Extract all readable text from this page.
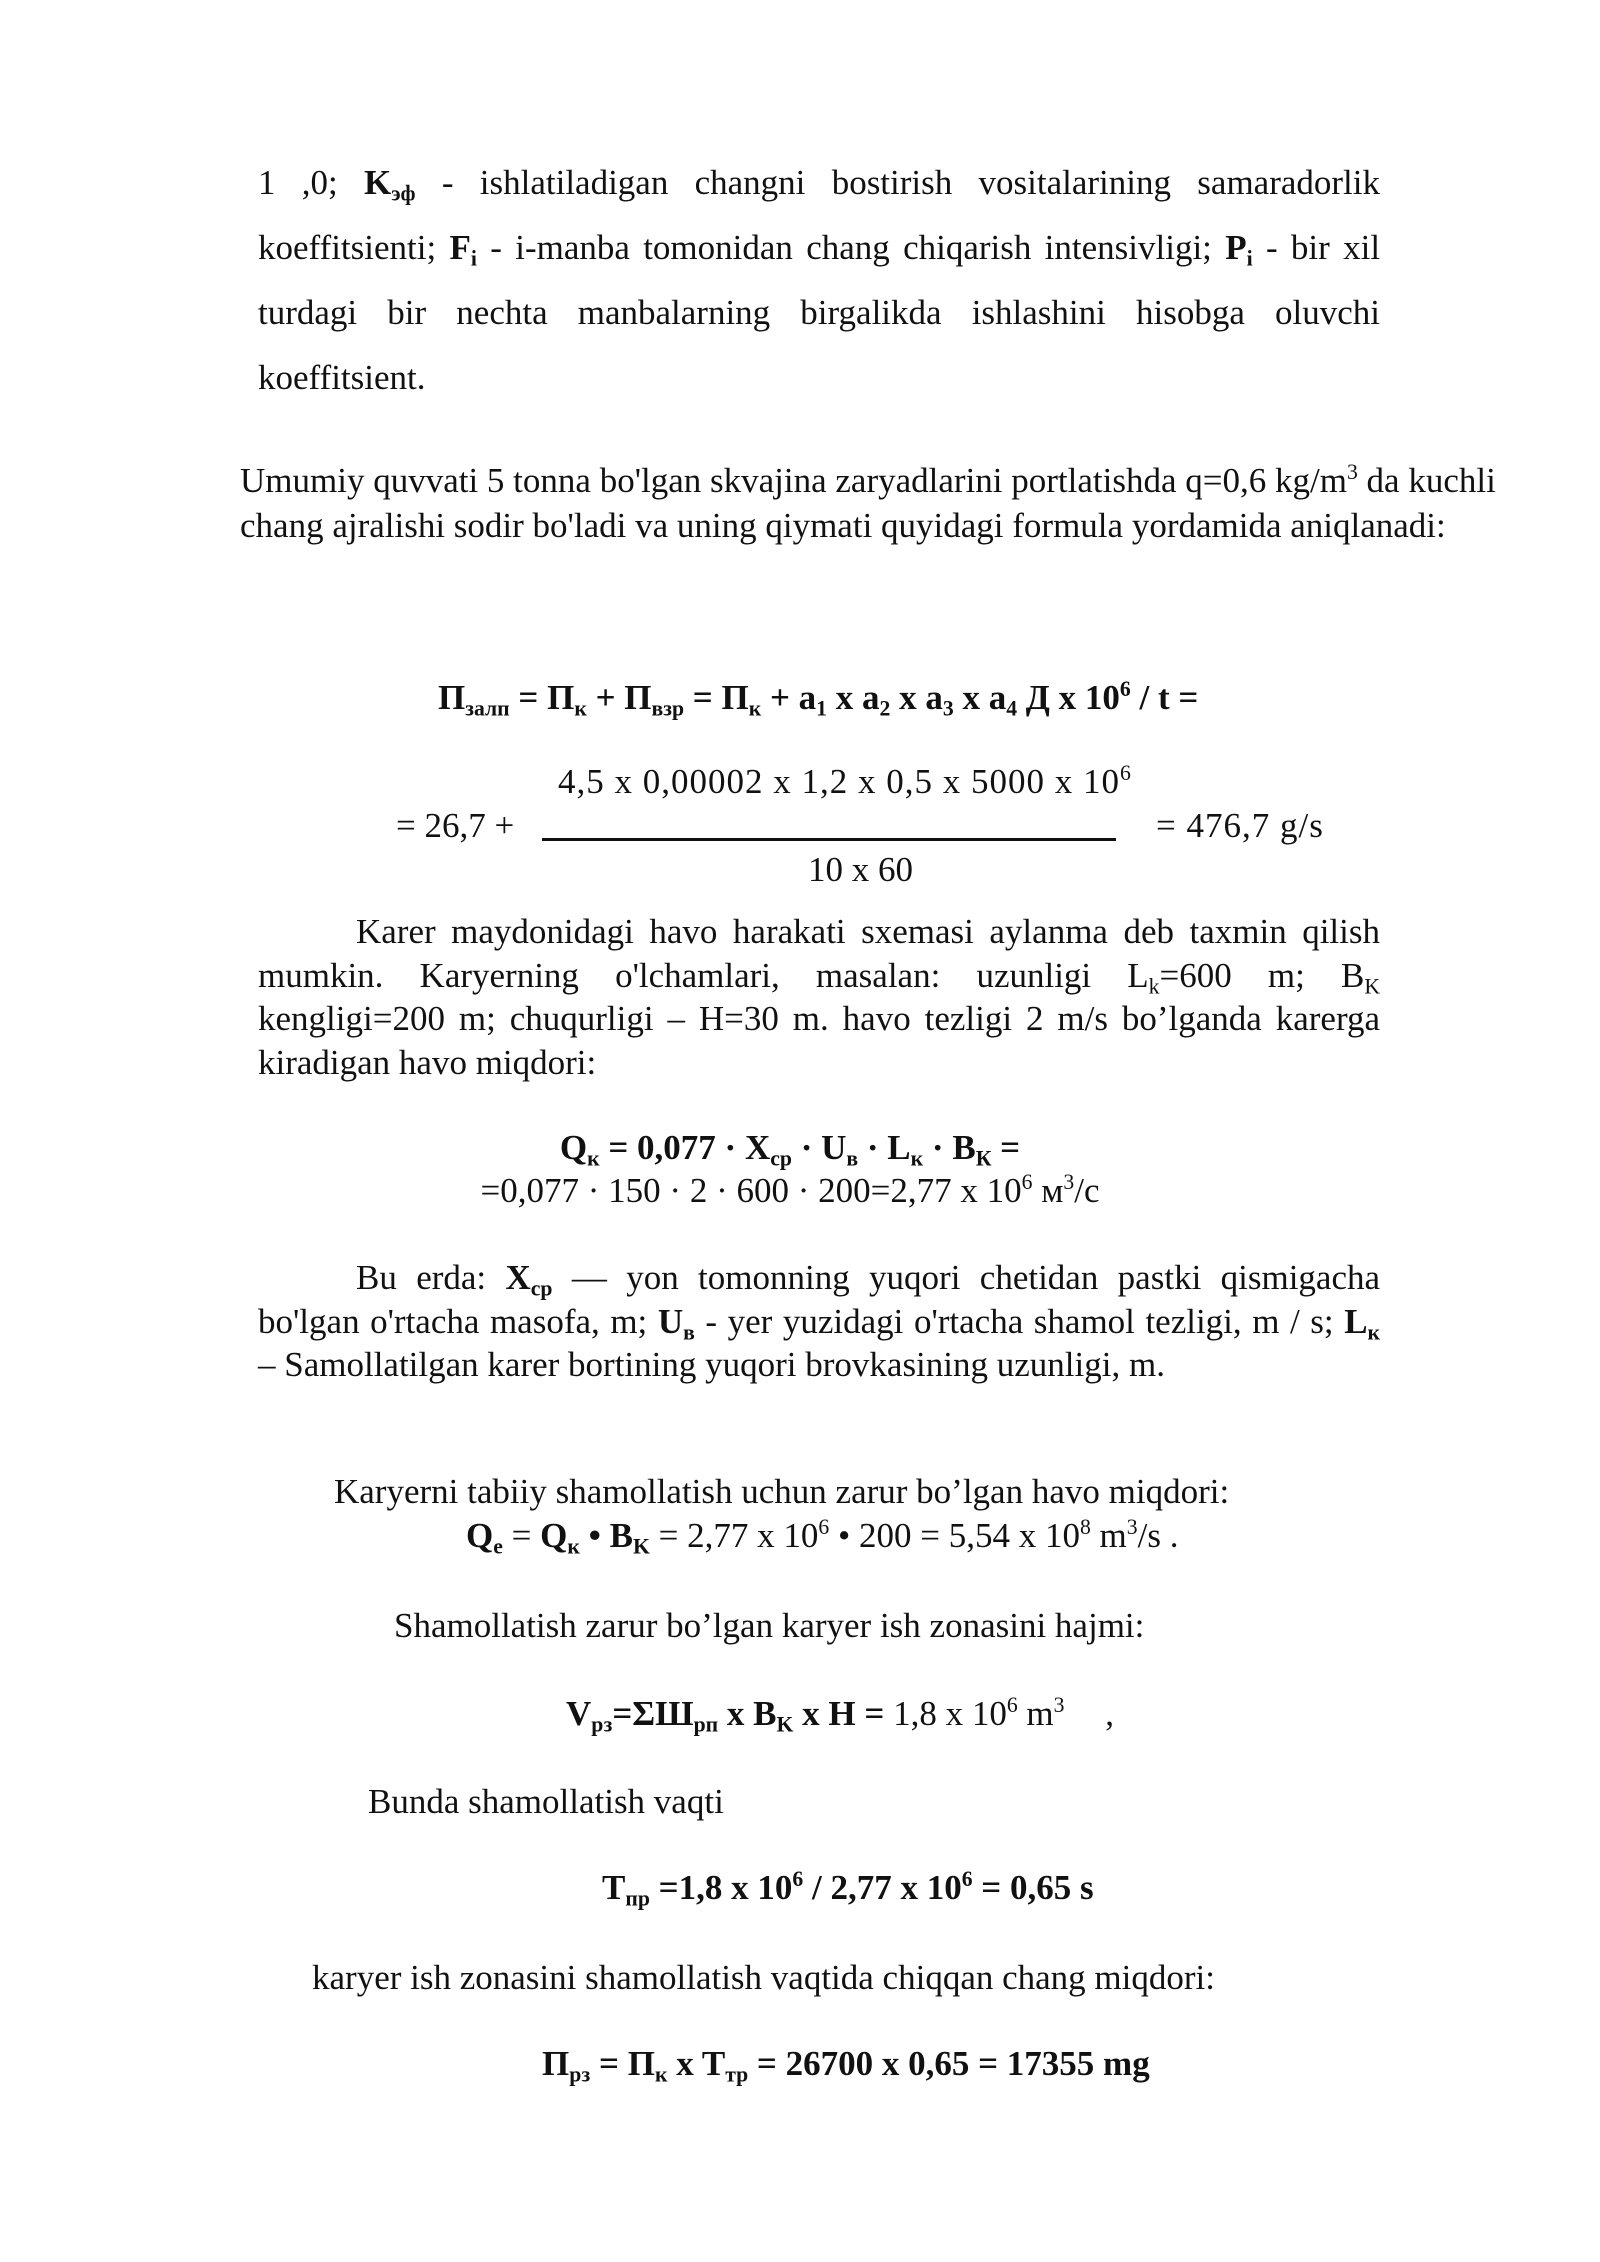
1 ,0; $K_{эф}$ - ishlatiladigan changni bostirish vositalarining samaradorlik koeffitsienti; $F_i$ - i-manba tomonidan chang chiqarish intensivligi; $P_i$ - bir xil turdagi bir nechta manbalarning birgalikda ishlashini hisobga oluvchi koeffitsient.
Umumiy quvvati 5 tonna bo'lgan skvajina zaryadlarini portlatishda q=0,6 $kg/m^3$ da kuchli chang ajralishi sodir bo'ladi va uning qiymati quyidagi formula yordamida aniqlanadi:
$П_{залп} = П_к + П_{взр} = П_к + a_1$ x $a_2$ x $a_3$ x $a_4$ Д x $10^6$ / t =
4,5 x 0,00002 x 1,2 x 0,5 x 5000 x $10^6$
= 26,7 +	= 476,7 g/s
10 x 60
Karer maydonidagi havo harakati sxemasi aylanma deb taxmin qilish mumkin. Karyerning o'lchamlari, masalan: uzunligi $L_k=600$ m; $B_K$ kengligi=200 m; chuqurligi – H=30 m. havo tezligi 2 m/s bo’lganda karerga kiradigan havo miqdori:
$Q_к = 0,077 \cdot X_{ср} \cdot U_в \cdot L_к \cdot B_К$ =
=0,077 · 150 · 2 · 600 · 200=2,77 x $10^6$ $м^3/с$
Bu erda: $X_{ср}$ — yon tomonning yuqori chetidan pastki qismigacha bo'lgan o'rtacha masofa, m; $U_в$ - yer yuzidagi o'rtacha shamol tezligi, m / s; $L_к$ – Samollatilgan karer bortining yuqori brovkasining uzunligi, m.
Karyerni tabiiy shamollatish uchun zarur bo’lgan havo miqdori:
$Q_е = Q_к$ • $B_K = 2,77$ x $10^6$ • 200 = 5,54 x $10^8$ $m^3/s$ .
Shamollatish zarur bo’lgan karyer ish zonasini hajmi:
$V_{рз}=\Sigma Ш_{рп}$ x $B_K$ x H = 1,8 x $10^6$ $m^3$ ,
Bunda shamollatish vaqti
$T_{пр} =1,8$ x $10^6 / 2,77$ x $10^6 = 0,65$ s
karyer ish zonasini shamollatish vaqtida chiqqan chang miqdori:
$П_{рз} = П_к$ x $T_{тр} = 26700$ x 0,65 = 17355 mg
